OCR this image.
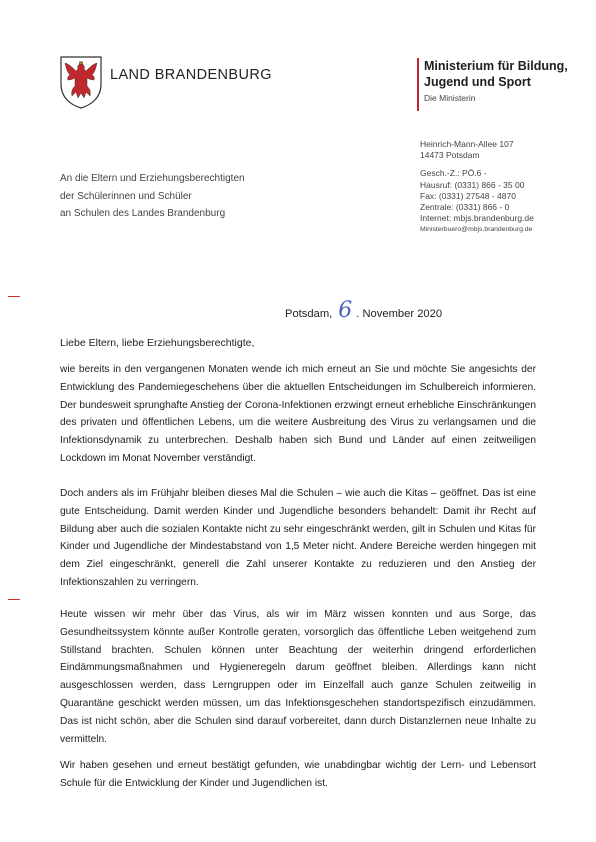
LAND BRANDENBURG
Ministerium für Bildung,
Jugend und Sport
Die Ministerin
Heinrich-Mann-Allee 107
14473 Potsdam
Gesch.-Z.: PÖ.6 -
Hausruf: (0331) 866 - 35 00
Fax: (0331) 27548 - 4870
Zentrale: (0331) 866 - 0
Internet: mbjs.brandenburg.de
Ministerbuero@mbjs.brandenburg.de
An die Eltern und Erziehungsberechtigten
der Schülerinnen und Schüler
an Schulen des Landes Brandenburg
Potsdam, 6 . November 2020
Liebe Eltern, liebe Erziehungsberechtigte,

wie bereits in den vergangenen Monaten wende ich mich erneut an Sie und möchte Sie angesichts der Entwicklung des Pandemiegeschehens über die aktuellen Entscheidungen im Schulbereich informieren. Der bundesweit sprunghafte Anstieg der Corona-Infektionen erzwingt erneut erhebliche Einschränkungen des privaten und öffentlichen Lebens, um die weitere Ausbreitung des Virus zu verlangsamen und die Infektionsdynamik zu unterbrechen. Deshalb haben sich Bund und Länder auf einen zeitweiligen Lockdown im Monat November verständigt.

Doch anders als im Frühjahr bleiben dieses Mal die Schulen – wie auch die Kitas – geöffnet. Das ist eine gute Entscheidung. Damit werden Kinder und Jugendliche besonders behandelt: Damit ihr Recht auf Bildung aber auch die sozialen Kontakte nicht zu sehr eingeschränkt werden, gilt in Schulen und Kitas für Kinder und Jugendliche der Mindestabstand von 1,5 Meter nicht. Andere Bereiche werden hingegen mit dem Ziel eingeschränkt, generell die Zahl unserer Kontakte zu reduzieren und den Anstieg der Infektionszahlen zu verringern.

Heute wissen wir mehr über das Virus, als wir im März wissen konnten und aus Sorge, das Gesundheitssystem könnte außer Kontrolle geraten, vorsorglich das öffentliche Leben weitgehend zum Stillstand brachten. Schulen können unter Beachtung der weiterhin dringend erforderlichen Eindämmungsmaßnahmen und Hygieneregeln darum geöffnet bleiben. Allerdings kann nicht ausgeschlossen werden, dass Lerngruppen oder im Einzelfall auch ganze Schulen zeitweilig in Quarantäne geschickt werden müssen, um das Infektionsgeschehen standortspezifisch einzudämmen. Das ist nicht schön, aber die Schulen sind darauf vorbereitet, dann durch Distanzlernen neue Inhalte zu vermitteln.

Wir haben gesehen und erneut bestätigt gefunden, wie unabdingbar wichtig der Lern- und Lebensort Schule für die Entwicklung der Kinder und Jugendlichen ist.
